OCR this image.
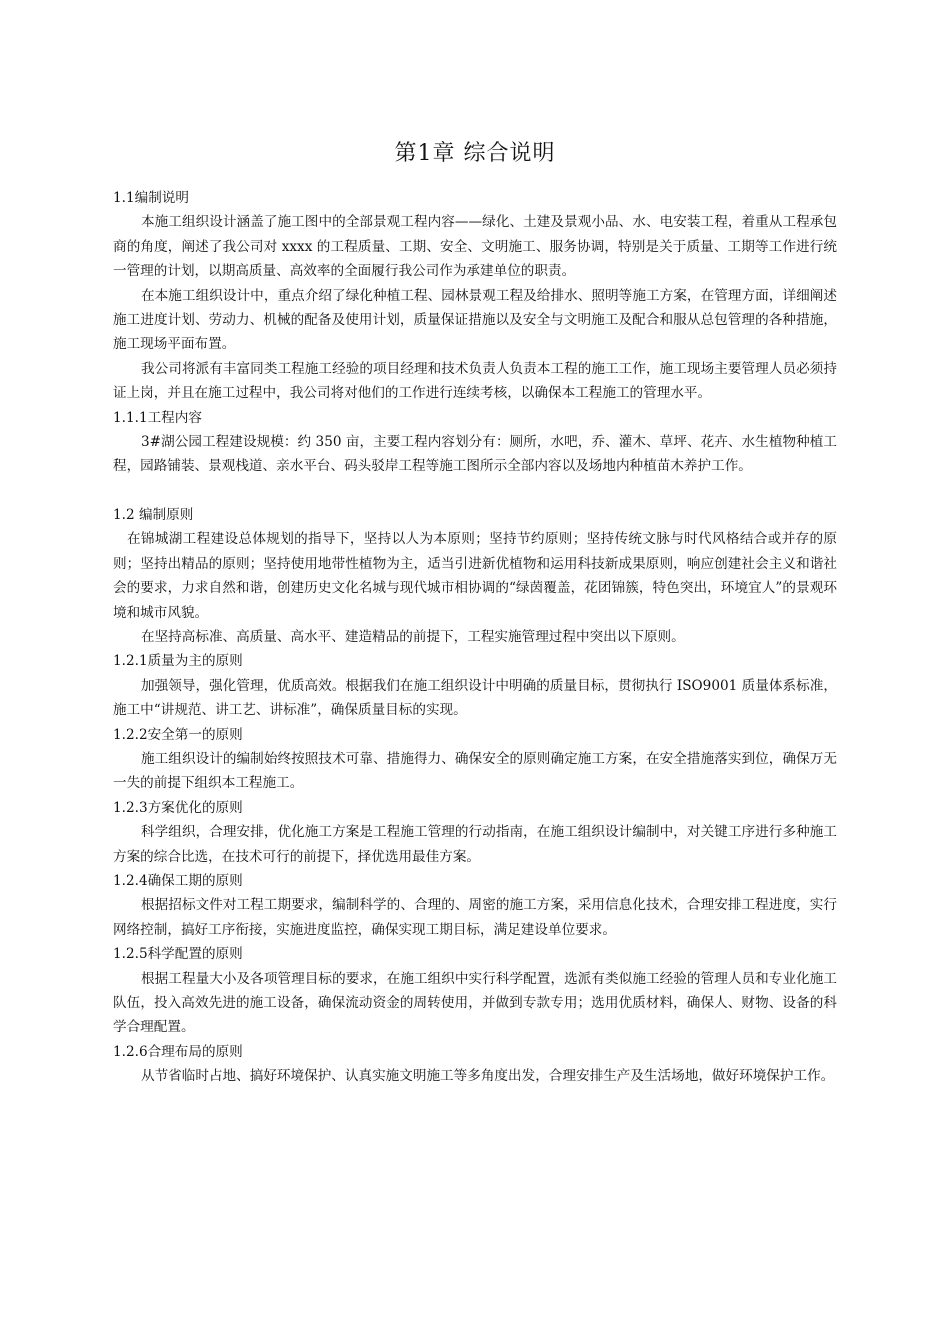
第1章 综合说明

1.1编制说明

本施工组织设计涵盖了施工图中的全部景观工程内容——绿化、土建及景观小品、水、电安装工程，着重从工程承包商的角度，阐述了我公司对 xxxx 的工程质量、工期、安全、文明施工、服务协调，特别是关于质量、工期等工作进行统一管理的计划，以期高质量、高效率的全面履行我公司作为承建单位的职责。

在本施工组织设计中，重点介绍了绿化种植工程、园林景观工程及给排水、照明等施工方案，在管理方面，详细阐述施工进度计划、劳动力、机械的配备及使用计划，质量保证措施以及安全与文明施工及配合和服从总包管理的各种措施，施工现场平面布置。

我公司将派有丰富同类工程施工经验的项目经理和技术负责人负责本工程的施工工作，施工现场主要管理人员必须持证上岗，并且在施工过程中，我公司将对他们的工作进行连续考核，以确保本工程施工的管理水平。

1.1.1工程内容

3#湖公园工程建设规模：约 350 亩，主要工程内容划分有：厕所，水吧，乔、灌木、草坪、花卉、水生植物种植工程，园路铺装、景观栈道、亲水平台、码头驳岸工程等施工图所示全部内容以及场地内种植苗木养护工作。

1.2 编制原则

在锦城湖工程建设总体规划的指导下，坚持以人为本原则；坚持节约原则；坚持传统文脉与时代风格结合或并存的原则；坚持出精品的原则；坚持使用地带性植物为主，适当引进新优植物和运用科技新成果原则，响应创建社会主义和谐社会的要求，力求自然和谐，创建历史文化名城与现代城市相协调的“绿茵覆盖，花团锦簇，特色突出，环境宜人”的景观环境和城市风貌。

在坚持高标准、高质量、高水平、建造精品的前提下，工程实施管理过程中突出以下原则。

1.2.1质量为主的原则

加强领导，强化管理，优质高效。根据我们在施工组织设计中明确的质量目标，贯彻执行 ISO9001 质量体系标准，施工中“讲规范、讲工艺、讲标准”，确保质量目标的实现。

1.2.2安全第一的原则

施工组织设计的编制始终按照技术可靠、措施得力、确保安全的原则确定施工方案，在安全措施落实到位，确保万无一失的前提下组织本工程施工。

1.2.3方案优化的原则

科学组织，合理安排，优化施工方案是工程施工管理的行动指南，在施工组织设计编制中，对关键工序进行多种施工方案的综合比选，在技术可行的前提下，择优选用最佳方案。

1.2.4确保工期的原则

根据招标文件对工程工期要求，编制科学的、合理的、周密的施工方案，采用信息化技术，合理安排工程进度，实行网络控制，搞好工序衔接，实施进度监控，确保实现工期目标，满足建设单位要求。

1.2.5科学配置的原则

根据工程量大小及各项管理目标的要求，在施工组织中实行科学配置，选派有类似施工经验的管理人员和专业化施工队伍，投入高效先进的施工设备，确保流动资金的周转使用，并做到专款专用；选用优质材料，确保人、财物、设备的科学合理配置。

1.2.6合理布局的原则

从节省临时占地、搞好环境保护、认真实施文明施工等多角度出发，合理安排生产及生活场地，做好环境保护工作。
